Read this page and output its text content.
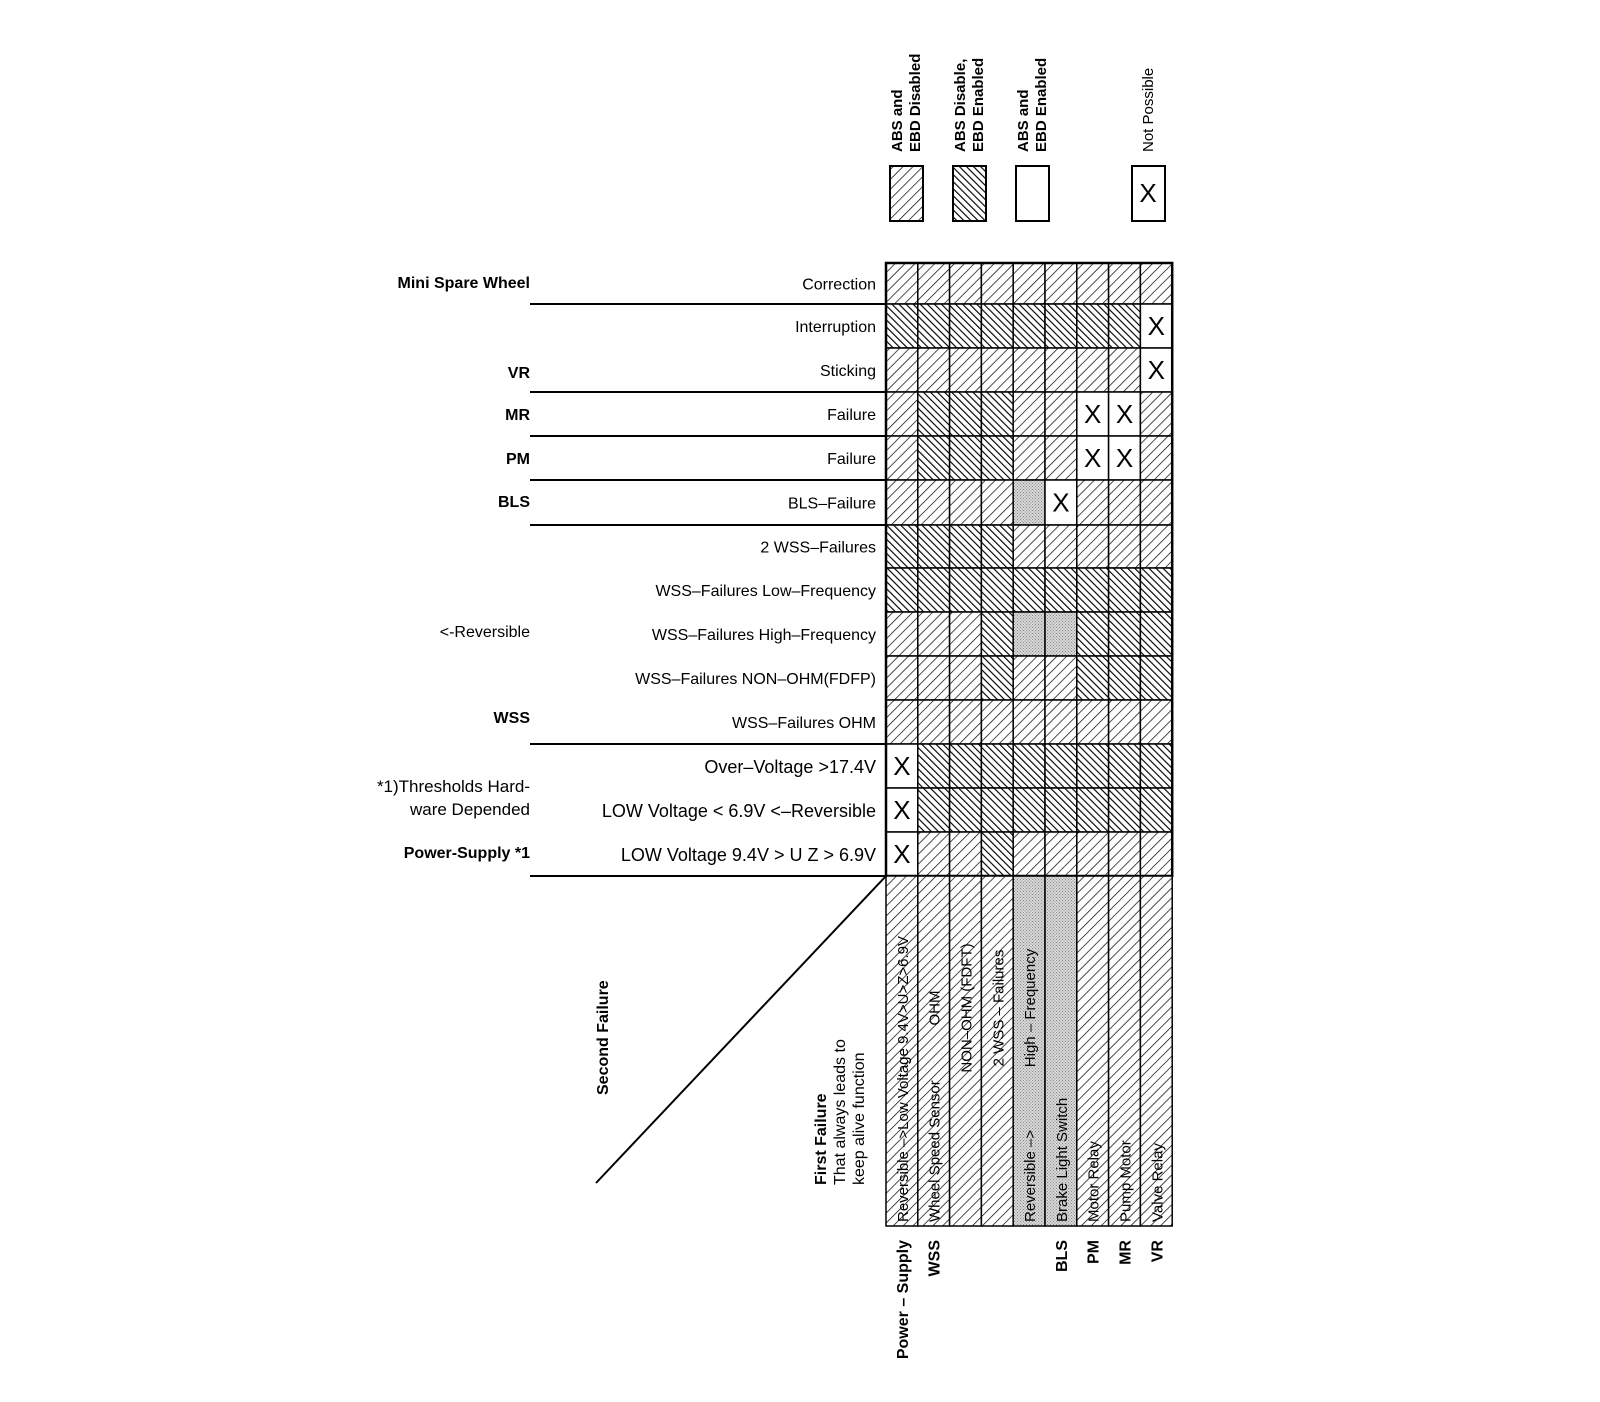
X
ABS and EBD Disabled ABS Disable, EBD Enabled ABS and EBD Enabled	Not Possible
X
X
X X
X X
X
X
X
X
Reversible –>Low Voltage 9.4V>U>Z>6.9V Wheel Speed Sensor
OHM NON–OHM (FDFT) 2 WSS – Failures
Reversible –>
High – Frequency
Brake Light Switch Motor Relay Pump Motor Valve Relay
Correction
Interruption
Sticking
Failure
Failure
BLS–Failure
2 WSS–Failures
WSS–Failures Low–Frequency
WSS–Failures High–Frequency
WSS–Failures NON–OHM(FDFP)
WSS–Failures OHM
Over–Voltage >17.4V
LOW Voltage < 6.9V <–Reversible
LOW Voltage 9.4V > U Z > 6.9V
Mini Spare Wheel
VR
MR
PM
BLS
<-Reversible
WSS
*1)Thresholds Hard-
ware Depended
Power-Supply *1
Second Failure
First Failure That always leads to keep alive function
Power – Supply WSS	BLS PM MR VR
